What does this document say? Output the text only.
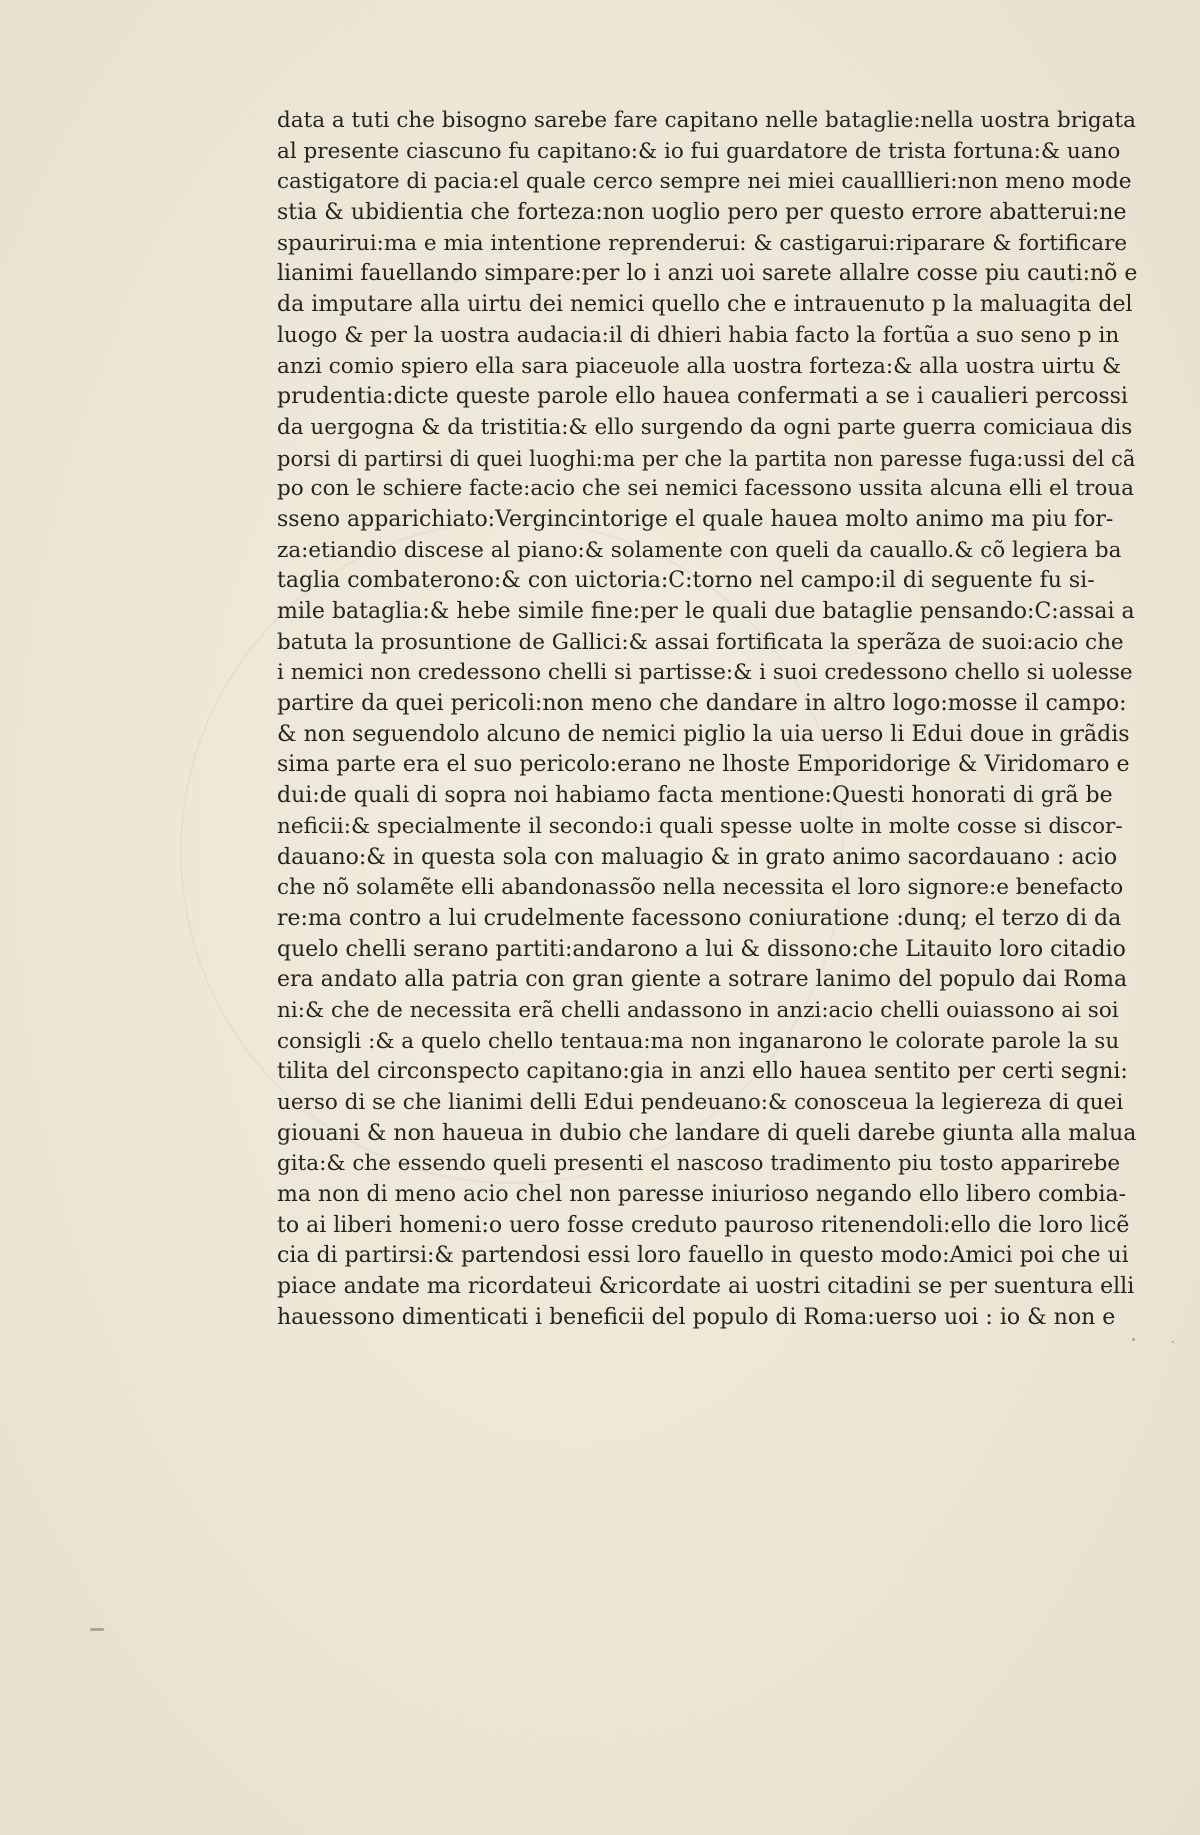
data a tuti che bisogno sarebe fare capitano nelle bataglie:nella uostra brigata
al presente ciascuno fu capitano:& io fui guardatore de trista fortuna:& uano
castigatore di pacia:el quale cerco sempre nei miei caualllieri:non meno mode
stia & ubidientia che forteza:non uoglio pero per questo errore abatterui:ne
spaurirui:ma e mia intentione reprenderui: & castigarui:riparare & fortificare
lianimi fauellando simpare:per lo i anzi uoi sarete allalre cosse piu cauti:nõ e
da imputare alla uirtu dei nemici quello che e intrauenuto p la maluagita del
luogo & per la uostra audacia:il di dhieri habia facto la fortũa a suo seno p in
anzi comio spiero ella sara piaceuole alla uostra forteza:& alla uostra uirtu &
prudentia:dicte queste parole ello hauea confermati a se i caualieri percossi
da uergogna & da tristitia:& ello surgendo da ogni parte guerra comiciaua dis
porsi di partirsi di quei luoghi:ma per che la partita non paresse fuga:ussi del cã
po con le schiere facte:acio che sei nemici facessono ussita alcuna elli el troua
sseno apparichiato:Vergincintorige el quale hauea molto animo ma piu for-
za:etiandio discese al piano:& solamente con queli da cauallo.& cõ legiera ba
taglia combaterono:& con uictoria:C:torno nel campo:il di seguente fu si-
mile bataglia:& hebe simile fine:per le quali due bataglie pensando:C:assai a
batuta la prosuntione de Gallici:& assai fortificata la sperãza de suoi:acio che
i nemici non credessono chelli si partisse:& i suoi credessono chello si uolesse
partire da quei pericoli:non meno che dandare in altro logo:mosse il campo:
& non seguendolo alcuno de nemici piglio la uia uerso li Edui doue in grãdis
sima parte era el suo pericolo:erano ne lhoste Emporidorige & Viridomaro e
dui:de quali di sopra noi habiamo facta mentione:Questi honorati di grã be
neficii:& specialmente il secondo:i quali spesse uolte in molte cosse si discor-
dauano:& in questa sola con maluagio & in grato animo sacordauano : acio
che nõ solamẽte elli abandonassõo nella necessita el loro signore:e benefacto
re:ma contro a lui crudelmente facessono coniuratione :dunq; el terzo di da
quelo chelli serano partiti:andarono a lui & dissono:che Litauito loro citadio
era andato alla patria con gran giente a sotrare lanimo del populo dai Roma
ni:& che de necessita erã chelli andassono in anzi:acio chelli ouiassono ai soi
consigli :& a quelo chello tentaua:ma non inganarono le colorate parole la su
tilita del circonspecto capitano:gia in anzi ello hauea sentito per certi segni:
uerso di se che lianimi delli Edui pendeuano:& conosceua la legiereza di quei
giouani & non haueua in dubio che landare di queli darebe giunta alla malua
gita:& che essendo queli presenti el nascoso tradimento piu tosto apparirebe
ma non di meno acio chel non paresse iniurioso negando ello libero combia-
to ai liberi homeni:o uero fosse creduto pauroso ritenendoli:ello die loro licẽ
cia di partirsi:& partendosi essi loro fauello in questo modo:Amici poi che ui
piace andate ma ricordateui &ricordate ai uostri citadini se per suentura elli
hauessono dimenticati i beneficii del populo di Roma:uerso uoi : io & non e
